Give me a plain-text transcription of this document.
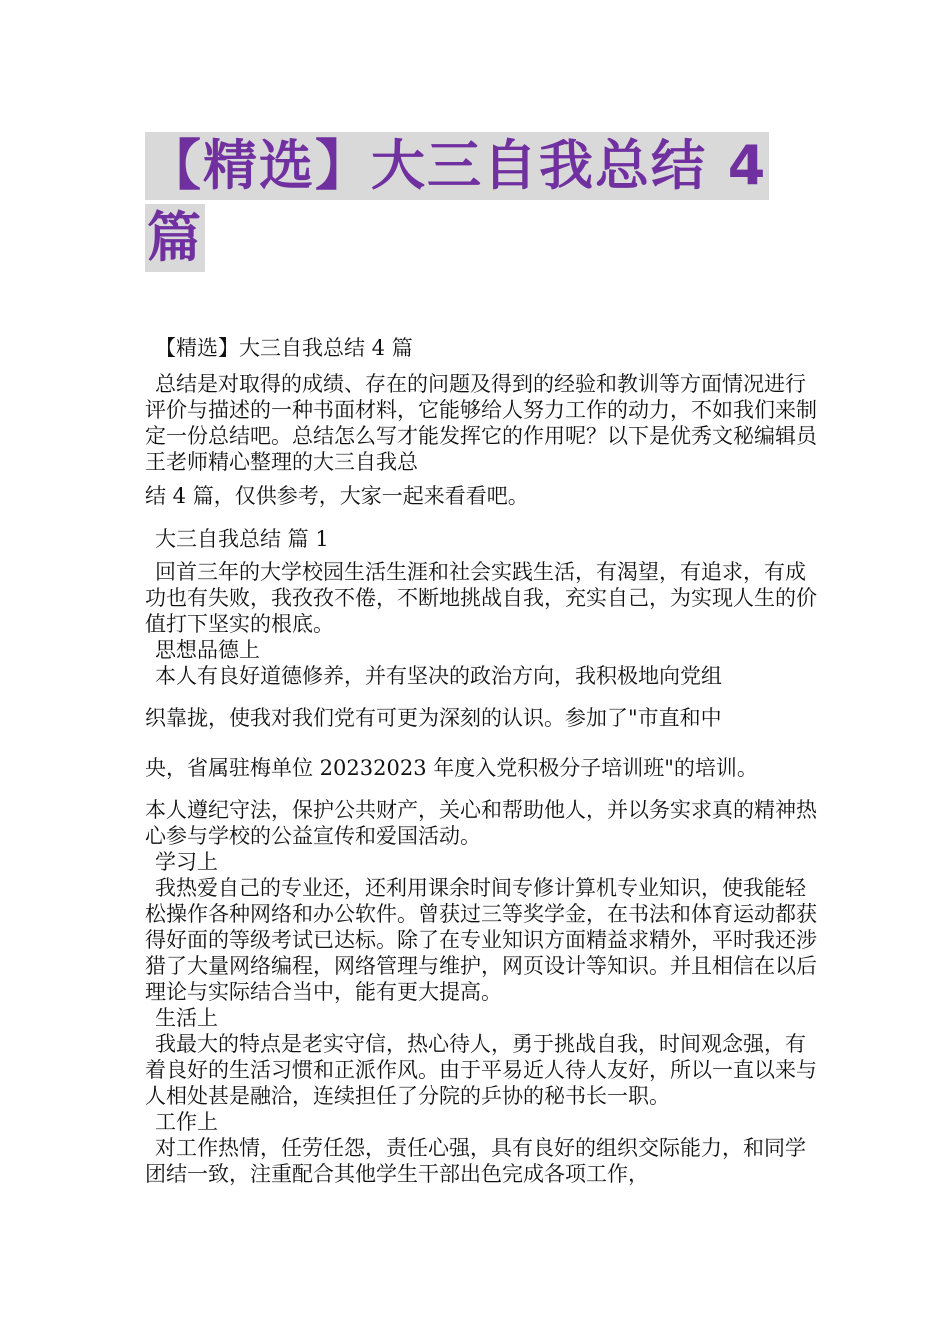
【精选】大三自我总结 4
篇

【精选】大三自我总结 4 篇

总结是对取得的成绩、存在的问题及得到的经验和教训等方面情况进行评价与描述的一种书面材料，它能够给人努力工作的动力，不如我们来制定一份总结吧。总结怎么写才能发挥它的作用呢？以下是优秀文秘编辑员王老师精心整理的大三自我总

结 4 篇，仅供参考，大家一起来看看吧。

大三自我总结 篇 1

回首三年的大学校园生活生涯和社会实践生活，有渴望，有追求，有成功也有失败，我孜孜不倦，不断地挑战自我，充实自己，为实现人生的价值打下坚实的根底。

思想品德上

本人有良好道德修养，并有坚决的政治方向，我积极地向党组

织靠拢，使我对我们党有可更为深刻的认识。参加了"市直和中

央，省属驻梅单位 20232023 年度入党积极分子培训班"的培训。

本人遵纪守法，保护公共财产，关心和帮助他人，并以务实求真的精神热心参与学校的公益宣传和爱国活动。

学习上

我热爱自己的专业还，还利用课余时间专修计算机专业知识，使我能轻松操作各种网络和办公软件。曾获过三等奖学金，在书法和体育运动都获得好面的等级考试已达标。除了在专业知识方面精益求精外，平时我还涉猎了大量网络编程，网络管理与维护，网页设计等知识。并且相信在以后理论与实际结合当中，能有更大提高。

生活上

我最大的特点是老实守信，热心待人，勇于挑战自我，时间观念强，有着良好的生活习惯和正派作风。由于平易近人待人友好，所以一直以来与人相处甚是融洽，连续担任了分院的乒协的秘书长一职。

工作上

对工作热情，任劳任怨，责任心强，具有良好的组织交际能力，和同学团结一致，注重配合其他学生干部出色完成各项工作，
